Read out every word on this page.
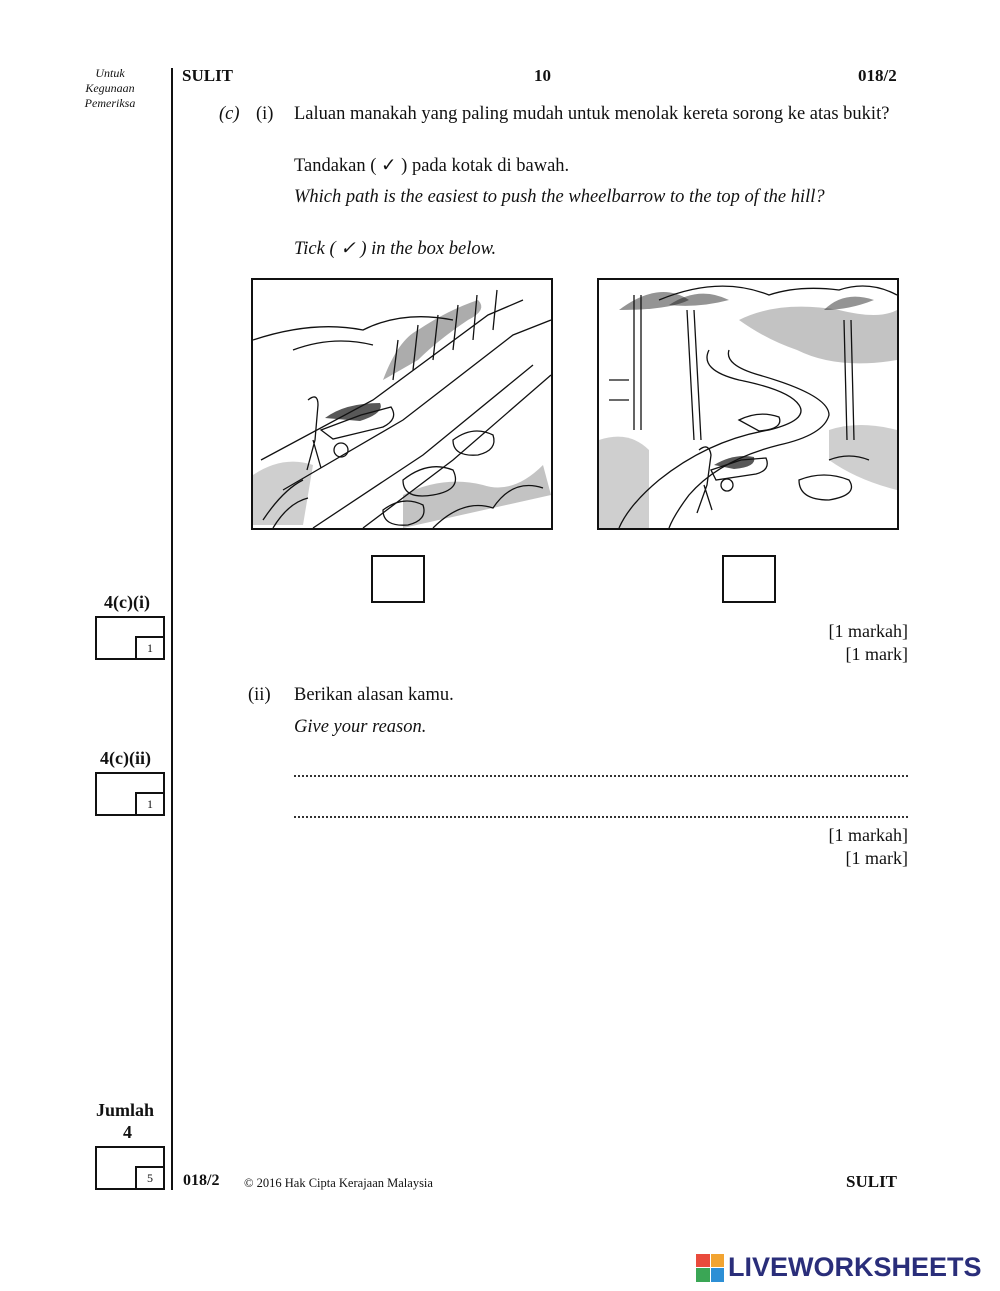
Untuk
Kegunaan
Pemeriksa
SULIT	10	018/2
(c) (i) Laluan manakah yang paling mudah untuk menolak kereta sorong ke atas bukit?
Tandakan ( ✓ ) pada kotak di bawah.
Which path is the easiest to push the wheelbarrow to the top of the hill?
Tick ( ✓ ) in the box below.
4(c)(i)
1
[1 markah]
[1 mark]
(ii) Berikan alasan kamu.
Give your reason.
4(c)(ii)
1
[1 markah]
[1 mark]
Jumlah
4
5	018/2 © 2016 Hak Cipta Kerajaan Malaysia	SULIT
LIVEWORKSHEETS
